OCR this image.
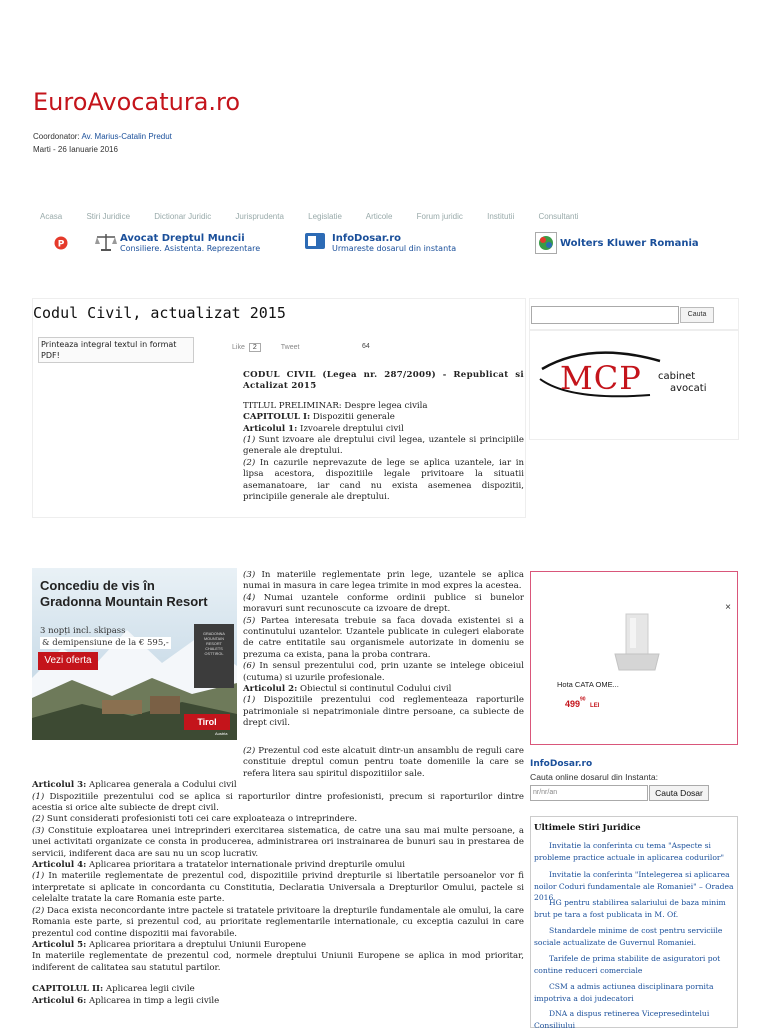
EuroAvocatura.ro
Coordonator: Av. Marius-Catalin Predut
Marti - 26 Ianuarie 2016
Acasa	Stiri Juridice	Dictionar Juridic	Jurisprudenta	Legislatie	Articole	Forum juridic	Institutii	Consultanti
P
Avocat Dreptul Muncii
Consiliere. Asistenta. Reprezentare
InfoDosar.ro
Urmareste dosarul din instanta	Wolters Kluwer Romania
Codul Civil, actualizat 2015
Printeaza integral textul in format PDF!
Like 2	Tweet	64
CODUL CIVIL (Legea nr. 287/2009) - Republicat si Actalizat 2015
TITLUL PRELIMINAR: Despre legea civila
CAPITOLUL I: Dispozitii generale
Articolul 1: Izvoarele dreptului civil
(1) Sunt izvoare ale dreptului civil legea, uzantele si principiile generale ale dreptului.
(2) In cazurile neprevazute de lege se aplica uzantele, iar in lipsa acestora, dispozitiile legale privitoare la situatii asemanatoare, iar cand nu exista asemenea dispozitii, principiile generale ale dreptului.
(3) In materiile reglementate prin lege, uzantele se aplica numai in masura in care legea trimite in mod expres la acestea.
(4) Numai uzantele conforme ordinii publice si bunelor moravuri sunt recunoscute ca izvoare de drept.
(5) Partea interesata trebuie sa faca dovada existentei si a continutului uzantelor. Uzantele publicate in culegeri elaborate de catre entitatile sau organismele autorizate in domeniu se prezuma ca exista, pana la proba contrara.
(6) In sensul prezentului cod, prin uzante se intelege obiceiul (cutuma) si uzurile profesionale.
Articolul 2: Obiectul si continutul Codului civil
(1) Dispozitiile prezentului cod reglementeaza raporturile patrimoniale si nepatrimoniale dintre persoane, ca subiecte de drept civil.
(2) Prezentul cod este alcatuit dintr-un ansamblu de reguli care constituie dreptul comun pentru toate domeniile la care se refera litera sau spiritul dispozitiilor sale.
Articolul 3: Aplicarea generala a Codului civil
(1) Dispozitiile prezentului cod se aplica si raporturilor dintre profesionisti, precum si raporturilor dintre acestia si orice alte subiecte de drept civil.
(2) Sunt considerati profesionisti toti cei care exploateaza o intreprindere.
(3) Constituie exploatarea unei intreprinderi exercitarea sistematica, de catre una sau mai multe persoane, a unei activitati organizate ce consta in producerea, administrarea ori instrainarea de bunuri sau in prestarea de servicii, indiferent daca are sau nu un scop lucrativ.
Articolul 4: Aplicarea prioritara a tratatelor internationale privind drepturile omului
(1) In materiile reglementate de prezentul cod, dispozitiile privind drepturile si libertatile persoanelor vor fi interpretate si aplicate in concordanta cu Constitutia, Declaratia Universala a Drepturilor Omului, pactele si celelalte tratate la care Romania este parte.
(2) Daca exista neconcordante intre pactele si tratatele privitoare la drepturile fundamentale ale omului, la care Romania este parte, si prezentul cod, au prioritate reglementarile internationale, cu exceptia cazului in care prezentul cod contine dispozitii mai favorabile.
Articolul 5: Aplicarea prioritara a dreptului Uniunii Europene
In materiile reglementate de prezentul cod, normele dreptului Uniunii Europene se aplica in mod prioritar, indiferent de calitatea sau statutul partilor.
CAPITOLUL II: Aplicarea legii civile
Articolul 6: Aplicarea in timp a legii civile
Concediu de vis în
Gradonna Mountain Resort
3 nopți incl. skipass
& demipensiune de la € 595,-
Vezi oferta
GRADONNA
MOUNTAIN
RESORT
CHALETS
OSTTIROL
Tirol
Austria
Cauta
MCP cabinet
avocati
×
Hota CATA OME...
$499^{90}$ LEI
InfoDosar.ro
Cauta online dosarul din Instanta:
nr/nr/an	Cauta Dosar
Ultimele Stiri Juridice
Invitatie la conferinta cu tema "Aspecte si probleme practice actuale in aplicarea codurilor"
Invitatie la conferinta "Intelegerea si aplicarea noilor Coduri fundamentale ale Romaniei" – Oradea 2016
HG pentru stabilirea salariului de baza minim brut pe tara a fost publicata in M. Of.
Standardele minime de cost pentru serviciile sociale actualizate de Guvernul Romaniei.
Tarifele de prima stabilite de asiguratori pot contine reduceri comerciale
CSM a admis actiunea disciplinara pornita impotriva a doi judecatori
DNA a dispus retinerea Vicepresedintelui Consiliului
